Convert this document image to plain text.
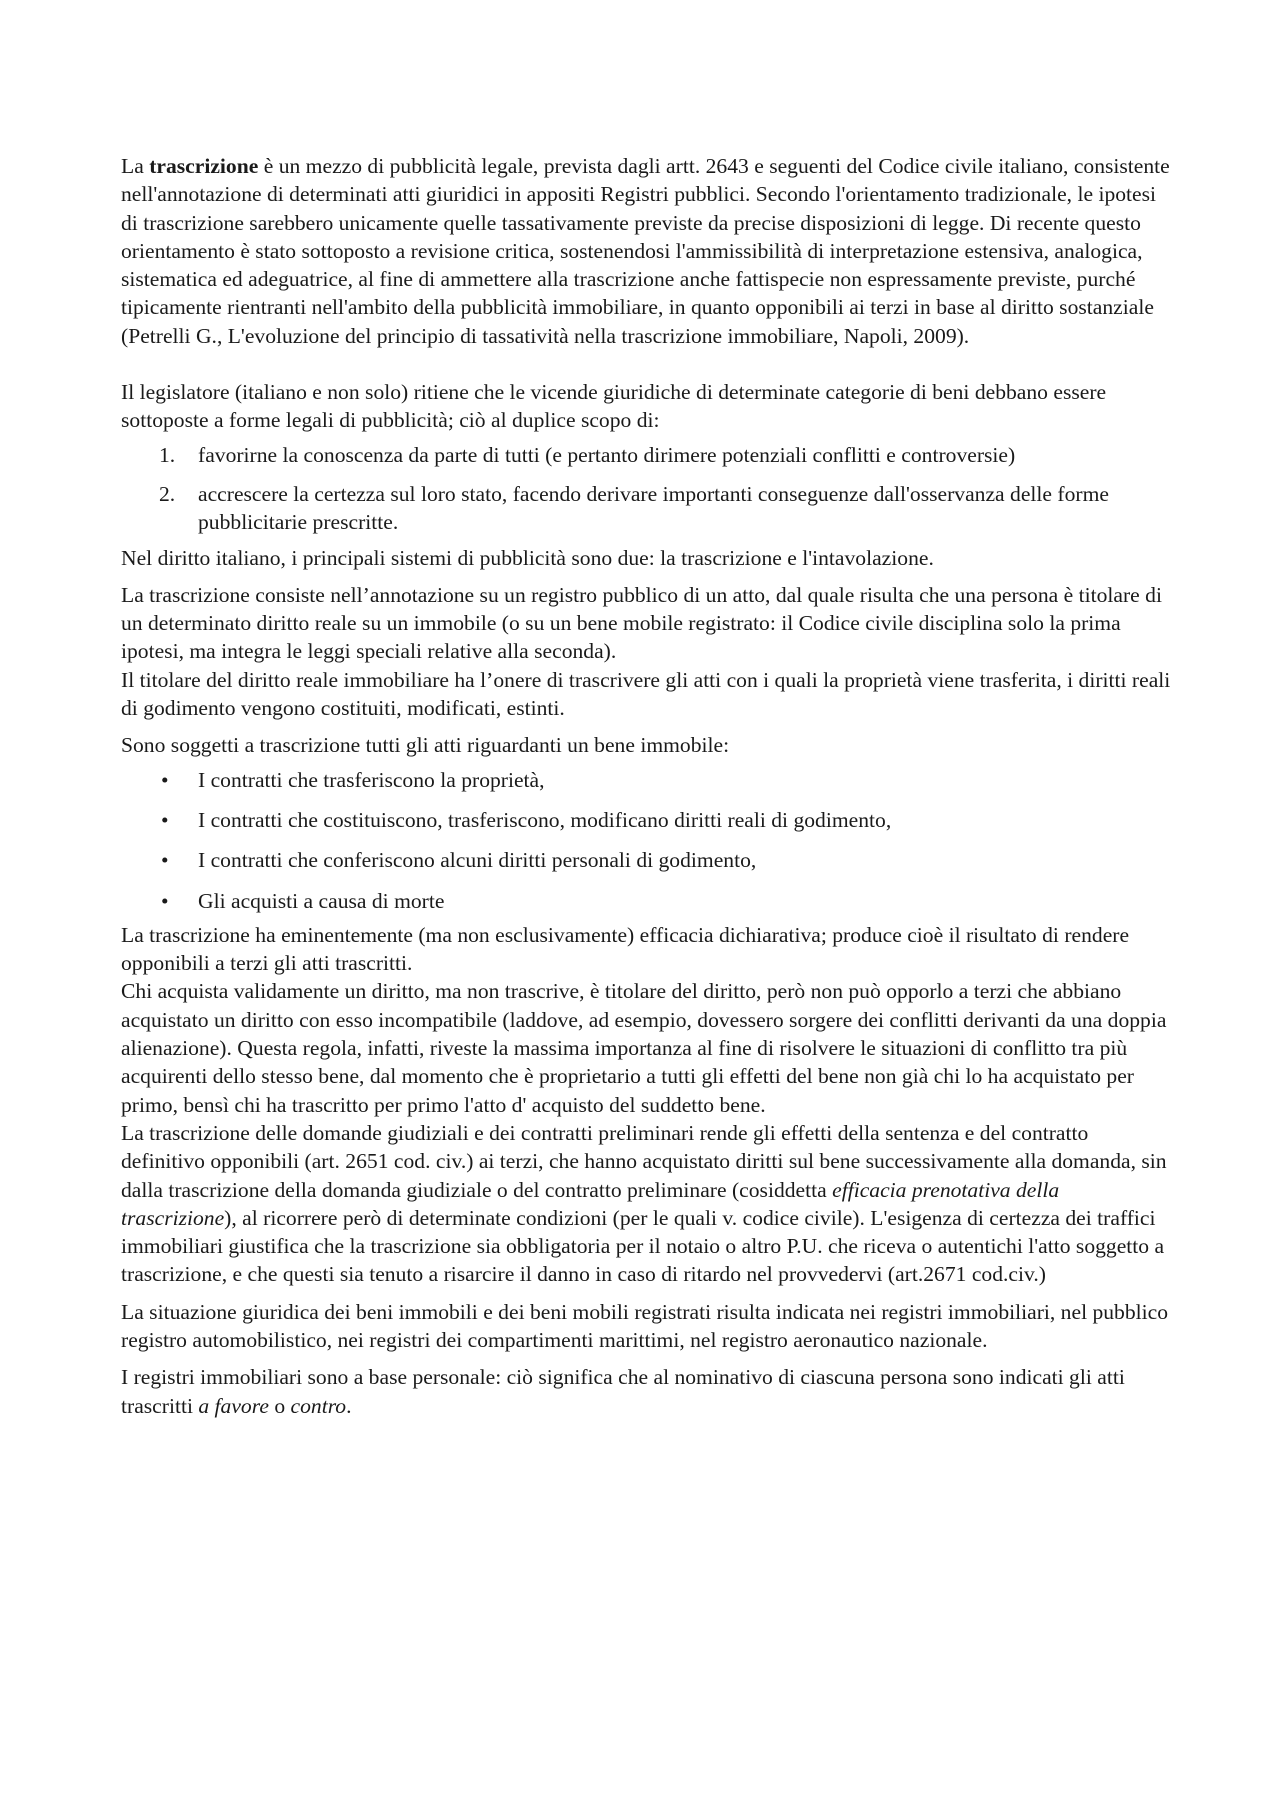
La trascrizione è un mezzo di pubblicità legale, prevista dagli artt. 2643 e seguenti del Codice civile italiano, consistente nell'annotazione di determinati atti giuridici in appositi Registri pubblici. Secondo l'orientamento tradizionale, le ipotesi di trascrizione sarebbero unicamente quelle tassativamente previste da precise disposizioni di legge. Di recente questo orientamento è stato sottoposto a revisione critica, sostenendosi l'ammissibilità di interpretazione estensiva, analogica, sistematica ed adeguatrice, al fine di ammettere alla trascrizione anche fattispecie non espressamente previste, purché tipicamente rientranti nell'ambito della pubblicità immobiliare, in quanto opponibili ai terzi in base al diritto sostanziale (Petrelli G., L'evoluzione del principio di tassatività nella trascrizione immobiliare, Napoli, 2009).

Il legislatore (italiano e non solo) ritiene che le vicende giuridiche di determinate categorie di beni debbano essere sottoposte a forme legali di pubblicità; ciò al duplice scopo di:

1. favorirne la conoscenza da parte di tutti (e pertanto dirimere potenziali conflitti e controversie)
2. accrescere la certezza sul loro stato, facendo derivare importanti conseguenze dall'osservanza delle forme pubblicitarie prescritte.

Nel diritto italiano, i principali sistemi di pubblicità sono due: la trascrizione e l'intavolazione.

La trascrizione consiste nell’annotazione su un registro pubblico di un atto, dal quale risulta che una persona è titolare di un determinato diritto reale su un immobile (o su un bene mobile registrato: il Codice civile disciplina solo la prima ipotesi, ma integra le leggi speciali relative alla seconda).

Il titolare del diritto reale immobiliare ha l’onere di trascrivere gli atti con i quali la proprietà viene trasferita, i diritti reali di godimento vengono costituiti, modificati, estinti.

Sono soggetti a trascrizione tutti gli atti riguardanti un bene immobile:

• I contratti che trasferiscono la proprietà,
• I contratti che costituiscono, trasferiscono, modificano diritti reali di godimento,
• I contratti che conferiscono alcuni diritti personali di godimento,
• Gli acquisti a causa di morte

La trascrizione ha eminentemente (ma non esclusivamente) efficacia dichiarativa; produce cioè il risultato di rendere opponibili a terzi gli atti trascritti.

Chi acquista validamente un diritto, ma non trascrive, è titolare del diritto, però non può opporlo a terzi che abbiano acquistato un diritto con esso incompatibile (laddove, ad esempio, dovessero sorgere dei conflitti derivanti da una doppia alienazione). Questa regola, infatti, riveste la massima importanza al fine di risolvere le situazioni di conflitto tra più acquirenti dello stesso bene, dal momento che è proprietario a tutti gli effetti del bene non già chi lo ha acquistato per primo, bensì chi ha trascritto per primo l'atto d' acquisto del suddetto bene.

La trascrizione delle domande giudiziali e dei contratti preliminari rende gli effetti della sentenza e del contratto definitivo opponibili (art. 2651 cod. civ.) ai terzi, che hanno acquistato diritti sul bene successivamente alla domanda, sin dalla trascrizione della domanda giudiziale o del contratto preliminare (cosiddetta efficacia prenotativa della trascrizione), al ricorrere però di determinate condizioni (per le quali v. codice civile). L'esigenza di certezza dei traffici immobiliari giustifica che la trascrizione sia obbligatoria per il notaio o altro P.U. che riceva o autentichi l'atto soggetto a trascrizione, e che questi sia tenuto a risarcire il danno in caso di ritardo nel provvedervi (art.2671 cod.civ.)

La situazione giuridica dei beni immobili e dei beni mobili registrati risulta indicata nei registri immobiliari, nel pubblico registro automobilistico, nei registri dei compartimenti marittimi, nel registro aeronautico nazionale.

I registri immobiliari sono a base personale: ciò significa che al nominativo di ciascuna persona sono indicati gli atti trascritti a favore o contro.
